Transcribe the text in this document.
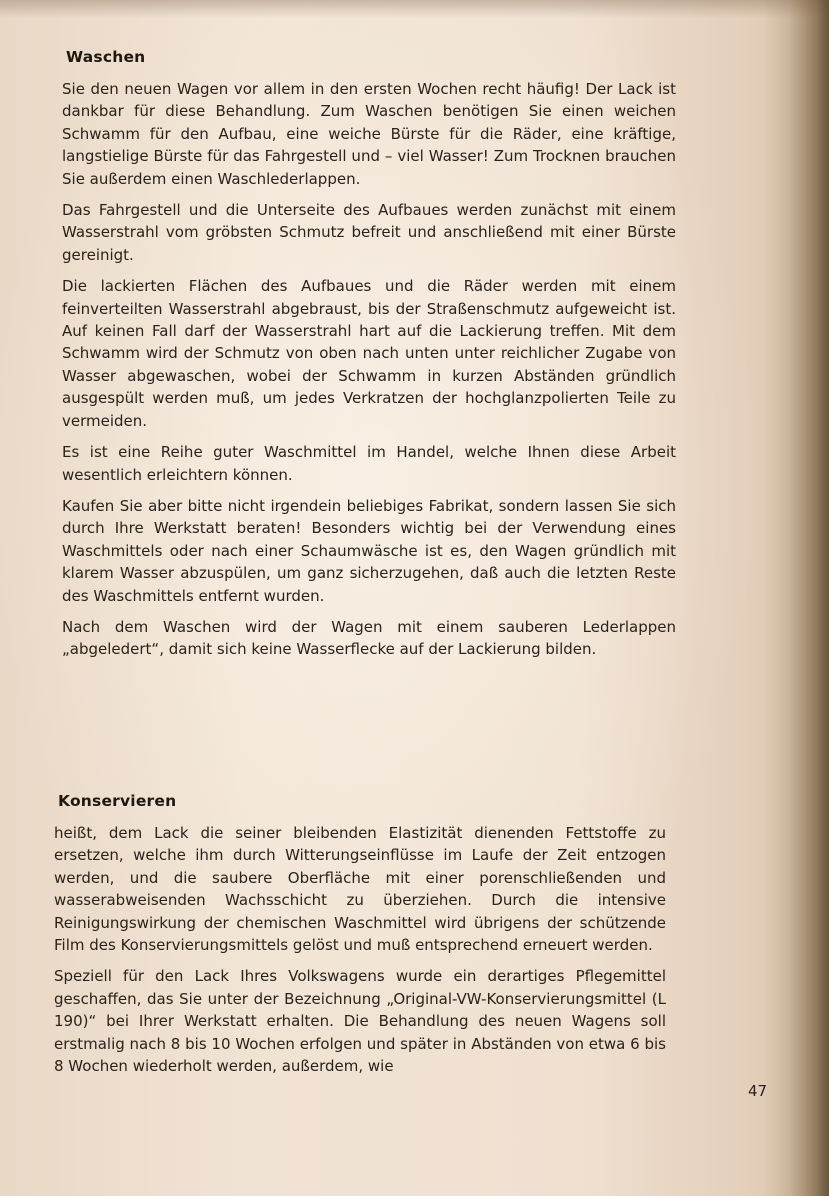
Waschen

Sie den neuen Wagen vor allem in den ersten Wochen recht häufig! Der Lack ist dankbar für diese Behandlung. Zum Waschen benötigen Sie einen weichen Schwamm für den Aufbau, eine weiche Bürste für die Räder, eine kräftige, langstielige Bürste für das Fahrgestell und – viel Wasser! Zum Trocknen brauchen Sie außerdem einen Waschlederlappen.

Das Fahrgestell und die Unterseite des Aufbaues werden zunächst mit einem Wasserstrahl vom gröbsten Schmutz befreit und anschließend mit einer Bürste gereinigt.

Die lackierten Flächen des Aufbaues und die Räder werden mit einem feinverteilten Wasserstrahl abgebraust, bis der Straßenschmutz aufgeweicht ist. Auf keinen Fall darf der Wasserstrahl hart auf die Lackierung treffen. Mit dem Schwamm wird der Schmutz von oben nach unten unter reichlicher Zugabe von Wasser abgewaschen, wobei der Schwamm in kurzen Abständen gründlich ausgespült werden muß, um jedes Verkratzen der hochglanzpolierten Teile zu vermeiden.

Es ist eine Reihe guter Waschmittel im Handel, welche Ihnen diese Arbeit wesentlich erleichtern können.

Kaufen Sie aber bitte nicht irgendein beliebiges Fabrikat, sondern lassen Sie sich durch Ihre Werkstatt beraten! Besonders wichtig bei der Verwendung eines Waschmittels oder nach einer Schaumwäsche ist es, den Wagen gründlich mit klarem Wasser abzuspülen, um ganz sicherzugehen, daß auch die letzten Reste des Waschmittels entfernt wurden.

Nach dem Waschen wird der Wagen mit einem sauberen Lederlappen „abgeledert“, damit sich keine Wasserflecke auf der Lackierung bilden.

Konservieren

heißt, dem Lack die seiner bleibenden Elastizität dienenden Fettstoffe zu ersetzen, welche ihm durch Witterungseinflüsse im Laufe der Zeit entzogen werden, und die saubere Oberfläche mit einer porenschließenden und wasserabweisenden Wachsschicht zu überziehen. Durch die intensive Reinigungswirkung der chemischen Waschmittel wird übrigens der schützende Film des Konservierungsmittels gelöst und muß entsprechend erneuert werden.

Speziell für den Lack Ihres Volkswagens wurde ein derartiges Pflegemittel geschaffen, das Sie unter der Bezeichnung „Original-VW-Konservierungsmittel (L 190)“ bei Ihrer Werkstatt erhalten. Die Behandlung des neuen Wagens soll erstmalig nach 8 bis 10 Wochen erfolgen und später in Abständen von etwa 6 bis 8 Wochen wiederholt werden, außerdem, wie

47
